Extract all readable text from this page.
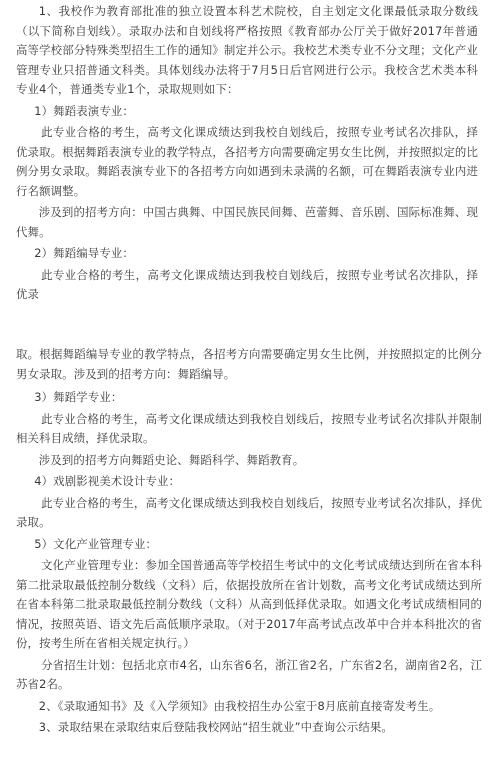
1、我校作为教育部批准的独立设置本科艺术院校，自主划定文化课最低录取分数线（以下简称自划线）。录取办法和自划线将严格按照《教育部办公厅关于做好2017年普通高等学校部分特殊类型招生工作的通知》制定并公示。我校艺术类专业不分文理；文化产业管理专业只招普通文科类。具体划线办法将于7月5日后官网进行公示。我校含艺术类本科专业4个，普通类专业1个，录取规则如下：

1）舞蹈表演专业：

此专业合格的考生，高考文化课成绩达到我校自划线后，按照专业考试名次排队，择优录取。根据舞蹈表演专业的教学特点，各招考方向需要确定男女生比例，并按照拟定的比例分男女录取。舞蹈表演专业下的各招考方向如遇到未录满的名额，可在舞蹈表演专业内进行名额调整。

涉及到的招考方向：中国古典舞、中国民族民间舞、芭蕾舞、音乐剧、国际标准舞、现代舞。

2）舞蹈编导专业：

此专业合格的考生，高考文化课成绩达到我校自划线后，按照专业考试名次排队，择优录

取。根据舞蹈编导专业的教学特点，各招考方向需要确定男女生比例，并按照拟定的比例分男女录取。涉及到的招考方向：舞蹈编导。

3）舞蹈学专业：

此专业合格的考生，高考文化课成绩达到我校自划线后，按照专业考试名次排队并限制相关科目成绩，择优录取。

涉及到的招考方向舞蹈史论、舞蹈科学、舞蹈教育。

4）戏剧影视美术设计专业：

此专业合格的考生，高考文化课成绩达到我校自划线后，按照专业考试名次排队，择优录取。

5）文化产业管理专业：

文化产业管理专业：参加全国普通高等学校招生考试中的文化考试成绩达到所在省本科第二批录取最低控制分数线（文科）后，依据投放所在省计划数，高考文化考试成绩达到所在省本科第二批录取最低控制分数线（文科）从高到低择优录取。如遇文化考试成绩相同的情况，按照英语、语文先后高低顺序录取。（对于2017年高考试点改革中合并本科批次的省份，按考生所在省相关规定执行。）

分省招生计划：包括北京市4名，山东省6名，浙江省2名，广东省2名，湖南省2名，江苏省2名。

2、《录取通知书》及《入学须知》由我校招生办公室于8月底前直接寄发考生。

3、录取结果在录取结束后登陆我校网站“招生就业”中查询公示结果。
